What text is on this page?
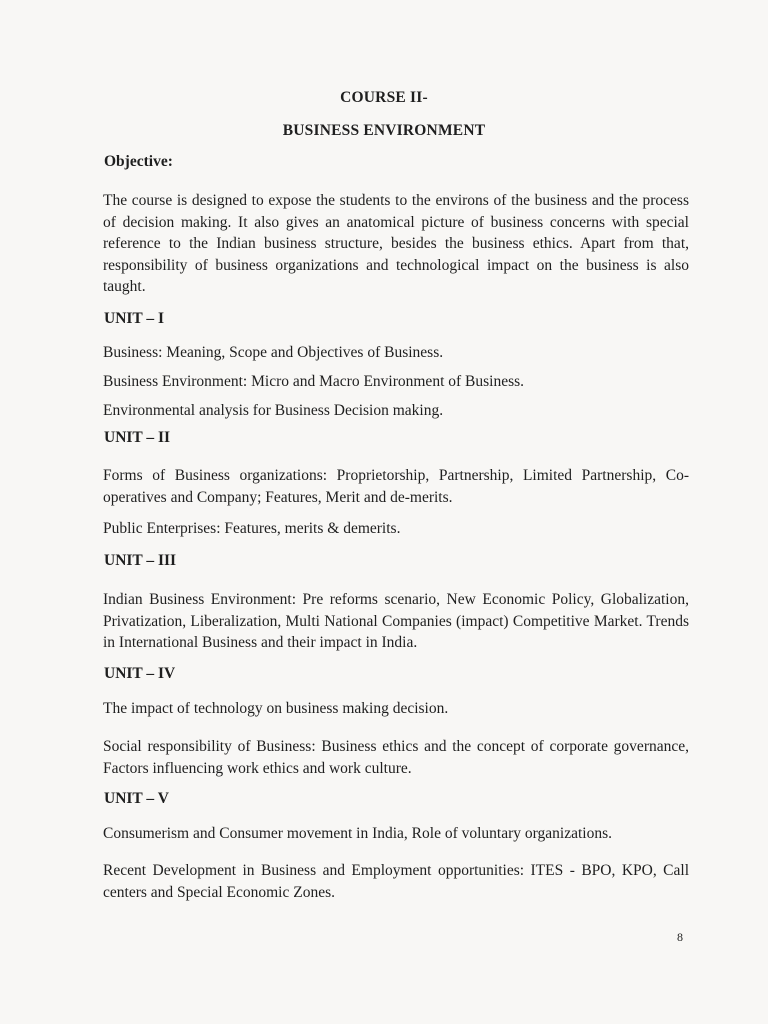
COURSE II-
BUSINESS ENVIRONMENT
Objective:
The course is designed to expose the students to the environs of the business and the process of decision making. It also gives an anatomical picture of business concerns with special reference to the Indian business structure, besides the business ethics. Apart from that, responsibility of business organizations and technological impact on the business is also taught.
UNIT – I
Business: Meaning, Scope and Objectives of Business.
Business Environment: Micro and Macro Environment of Business.
Environmental analysis for Business Decision making.
UNIT – II
Forms of Business organizations: Proprietorship, Partnership, Limited Partnership, Co-operatives and Company; Features, Merit and de-merits.
Public Enterprises: Features, merits & demerits.
UNIT – III
Indian Business Environment: Pre reforms scenario, New Economic Policy, Globalization, Privatization, Liberalization, Multi National Companies (impact) Competitive Market. Trends in International Business and their impact in India.
UNIT – IV
The impact of technology on business making decision.
Social responsibility of Business: Business ethics and the concept of corporate governance, Factors influencing work ethics and work culture.
UNIT – V
Consumerism and Consumer movement in India, Role of voluntary organizations.
Recent Development in Business and Employment opportunities: ITES - BPO, KPO, Call centers and Special Economic Zones.
8
